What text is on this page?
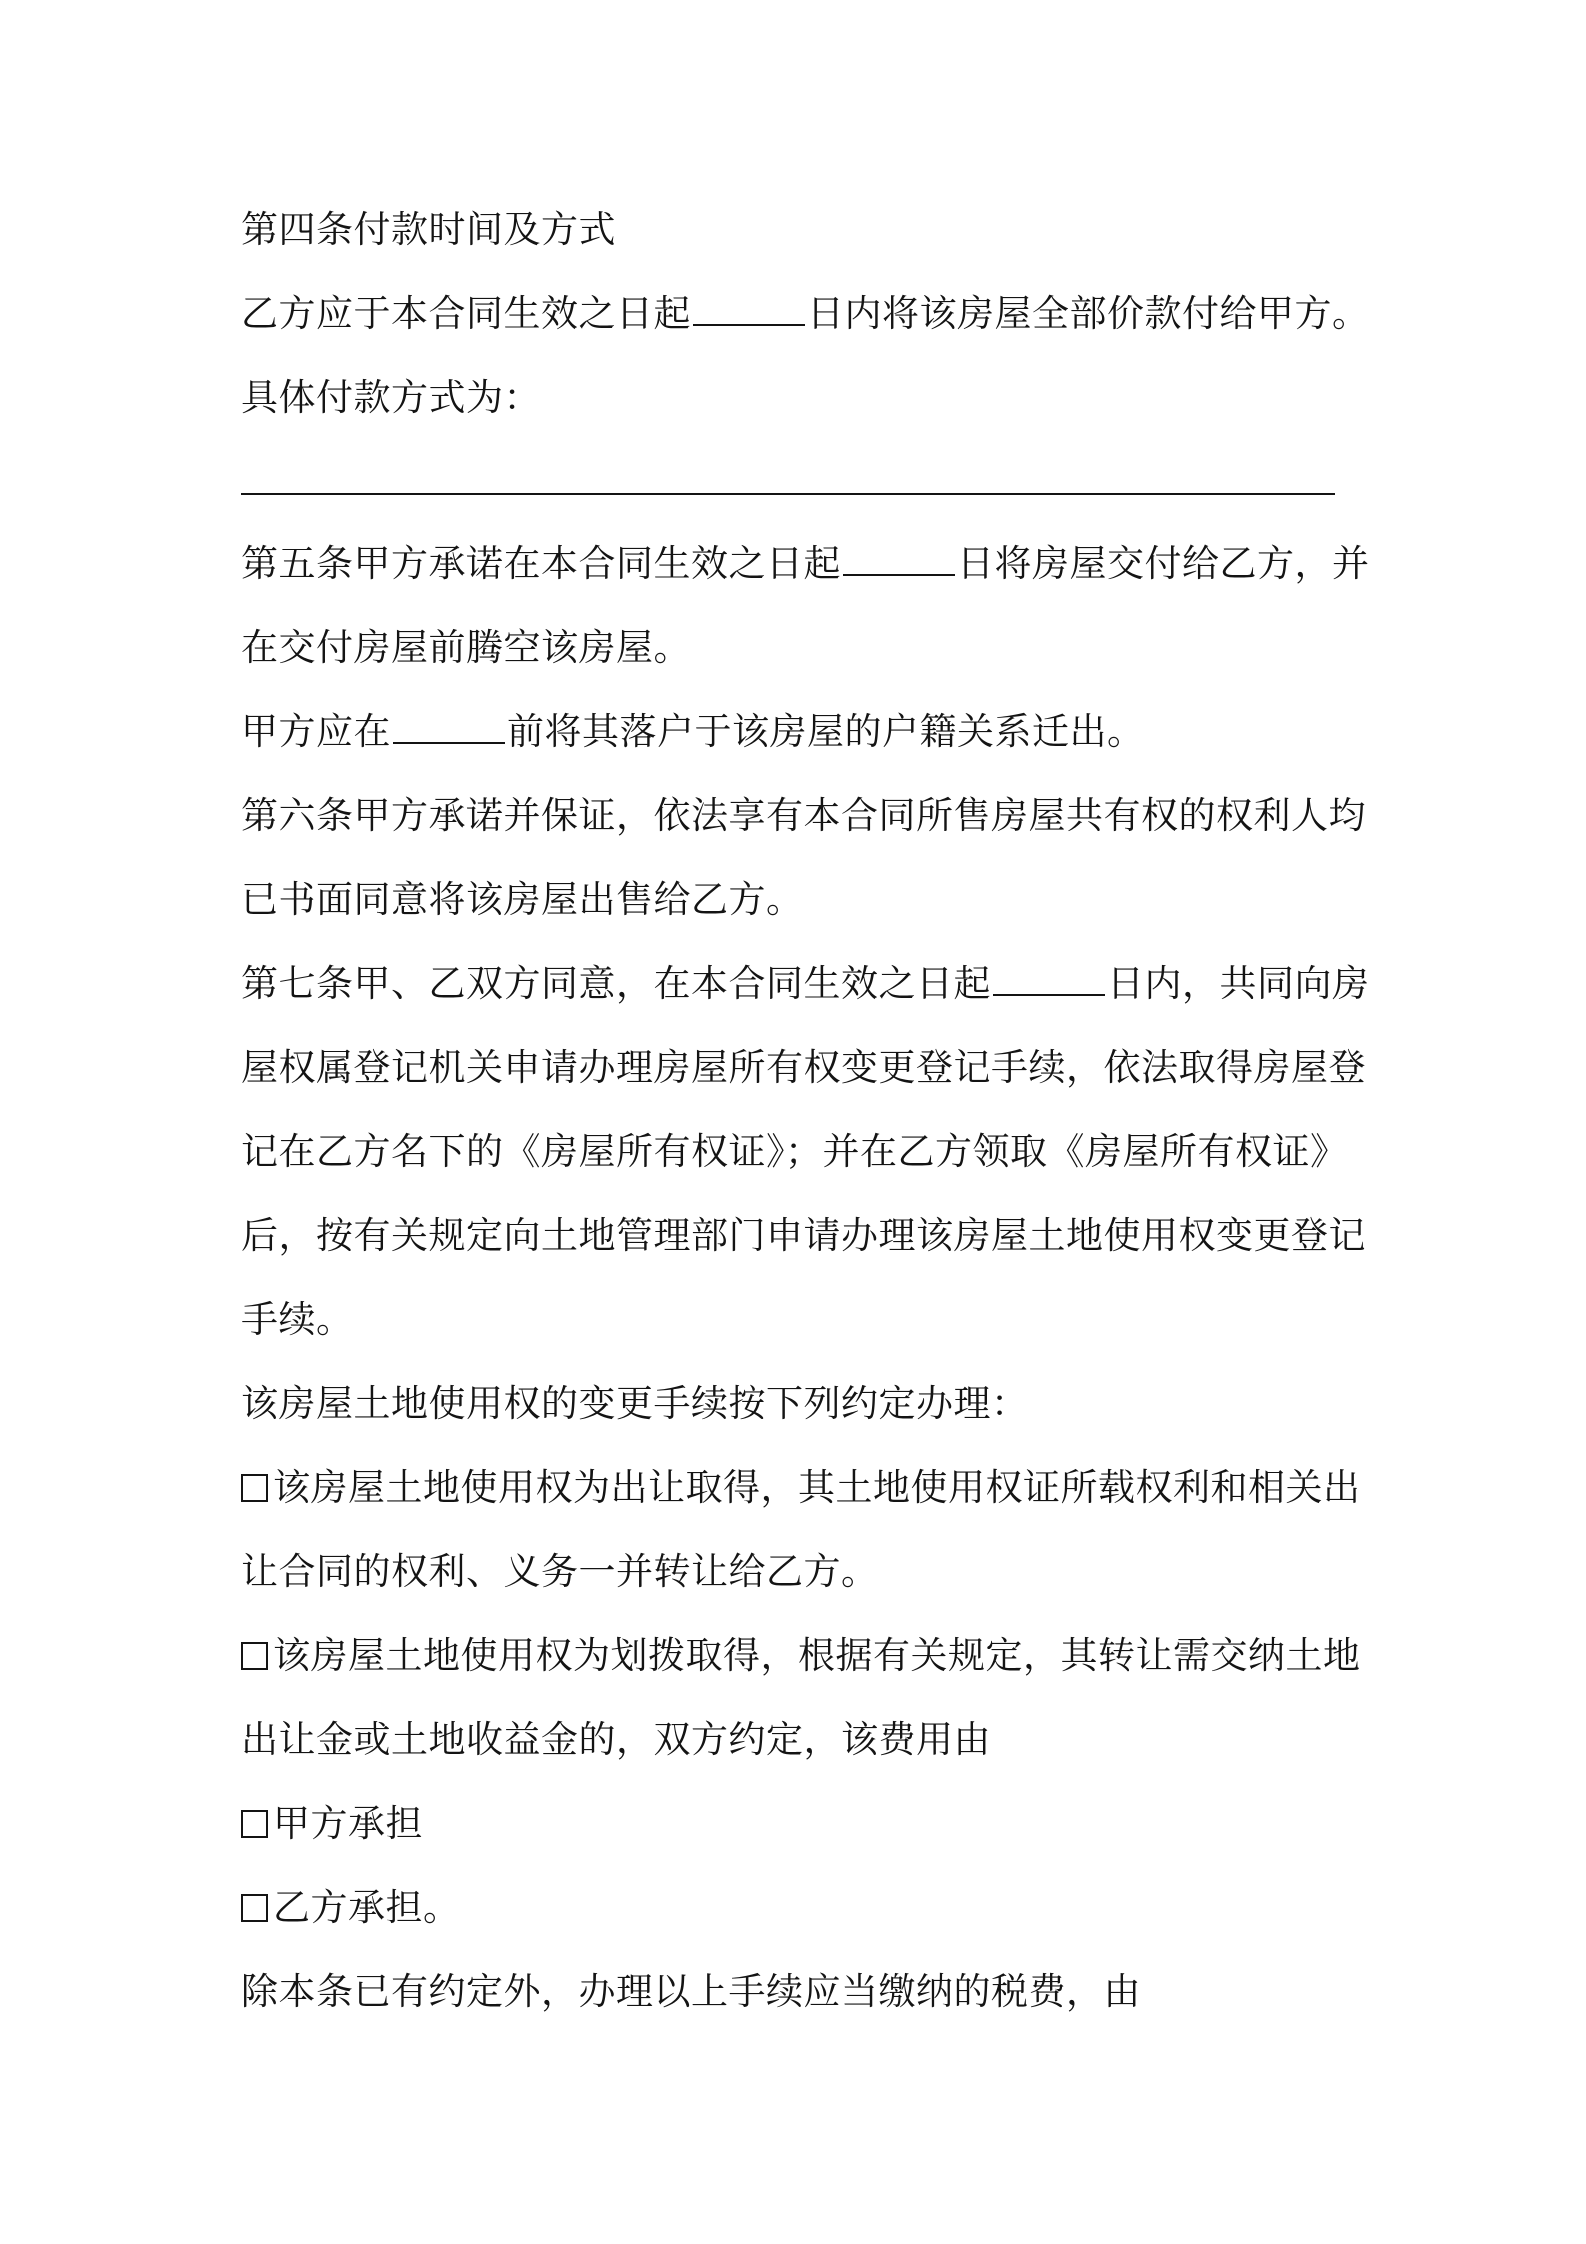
第四条付款时间及方式

乙方应于本合同生效之日起	日内将该房屋全部价款付给甲方。

具体付款方式为：

第五条甲方承诺在本合同生效之日起	日将房屋交付给乙方，并

在交付房屋前腾空该房屋。

甲方应在	前将其落户于该房屋的户籍关系迁出。

第六条甲方承诺并保证，依法享有本合同所售房屋共有权的权利人均

已书面同意将该房屋出售给乙方。

第七条甲、乙双方同意，在本合同生效之日起	日内，共同向房

屋权属登记机关申请办理房屋所有权变更登记手续，依法取得房屋登

记在乙方名下的《房屋所有权证》；并在乙方领取《房屋所有权证》

后，按有关规定向土地管理部门申请办理该房屋土地使用权变更登记

手续。

该房屋土地使用权的变更手续按下列约定办理：

该房屋土地使用权为出让取得，其土地使用权证所载权利和相关出

让合同的权利、义务一并转让给乙方。

该房屋土地使用权为划拨取得，根据有关规定，其转让需交纳土地

出让金或土地收益金的，双方约定，该费用由

甲方承担

乙方承担。

除本条已有约定外，办理以上手续应当缴纳的税费，由
